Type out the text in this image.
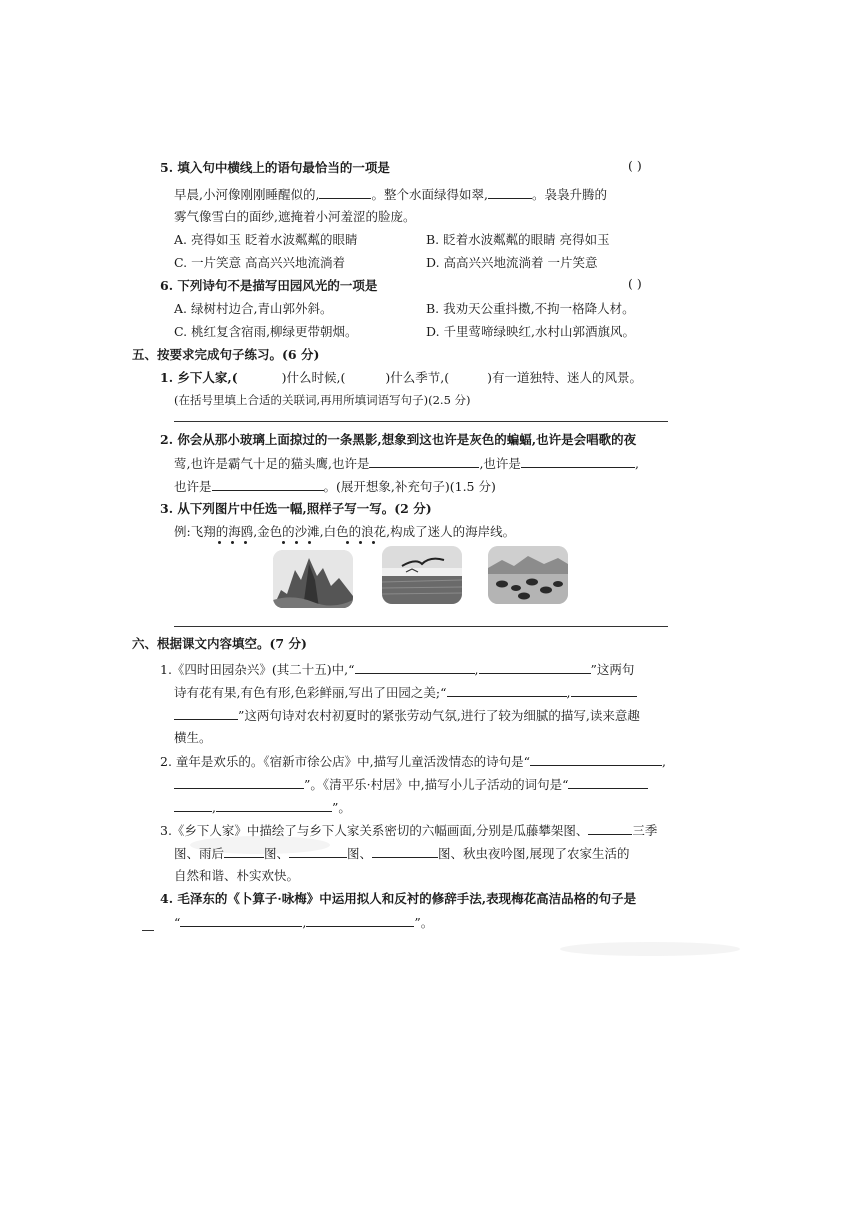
5. 填入句中横线上的语句最恰当的一项是	( )
早晨,小河像刚刚睡醒似的,	。整个水面绿得如翠,	。袅袅升腾的
雾气像雪白的面纱,遮掩着小河羞涩的脸庞。
A. 亮得如玉 眨着水波粼粼的眼睛	B. 眨着水波粼粼的眼睛 亮得如玉
C. 一片笑意 高高兴兴地流淌着	D. 高高兴兴地流淌着 一片笑意
6. 下列诗句不是描写田园风光的一项是	( )
A. 绿树村边合,青山郭外斜。	B. 我劝天公重抖擞,不拘一格降人材。
C. 桃红复含宿雨,柳绿更带朝烟。	D. 千里莺啼绿映红,水村山郭酒旗风。
五、按要求完成句子练习。(6 分)
1. 乡下人家,(	)什么时候,(	)什么季节,(	)有一道独特、迷人的风景。
(在括号里填上合适的关联词,再用所填词语写句子)(2.5 分)
2. 你会从那小玻璃上面掠过的一条黑影,想象到这也许是灰色的蝙蝠,也许是会唱歌的夜
莺,也许是霸气十足的猫头鹰,也许是	,也许是	,
也许是	。(展开想象,补充句子)(1.5 分)
3. 从下列图片中任选一幅,照样子写一写。(2 分)
例:飞翔的海鸥,金色的沙滩,白色的浪花,构成了迷人的海岸线。
六、根据课文内容填空。(7 分)
1.《四时田园杂兴》(其二十五)中,“	,	”这两句
诗有花有果,有色有形,色彩鲜丽,写出了田园之美;“	,
”这两句诗对农村初夏时的紧张劳动气氛,进行了较为细腻的描写,读来意趣
横生。
2. 童年是欢乐的。《宿新市徐公店》中,描写儿童活泼情态的诗句是“	,
”。《清平乐·村居》中,描写小儿子活动的词句是“
,	”。
3.《乡下人家》中描绘了与乡下人家关系密切的六幅画面,分别是瓜藤攀架图、	三季
图、雨后	图、	图、	图、秋虫夜吟图,展现了农家生活的
自然和谐、朴实欢快。
4. 毛泽东的《卜算子·咏梅》中运用拟人和反衬的修辞手法,表现梅花高洁品格的句子是
“	,	”。
